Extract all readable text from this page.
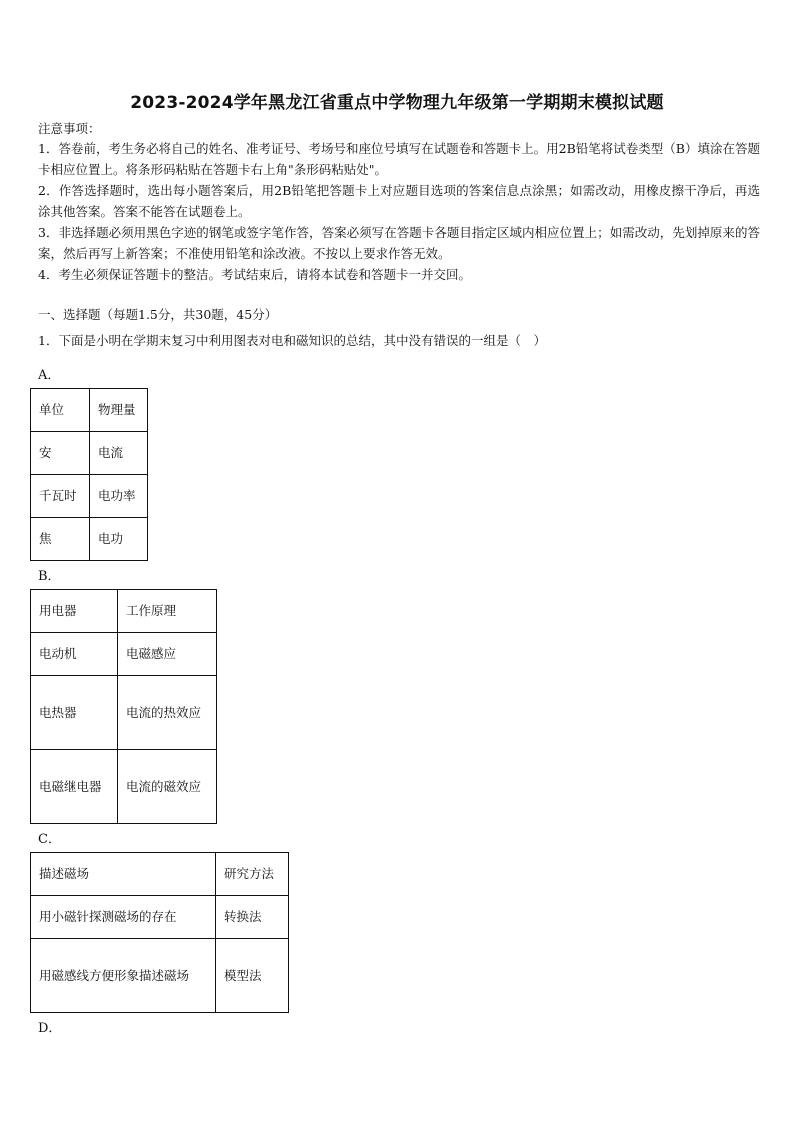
2023-2024学年黑龙江省重点中学物理九年级第一学期期末模拟试题
注意事项：

1．答卷前，考生务必将自己的姓名、准考证号、考场号和座位号填写在试题卷和答题卡上。用2B铅笔将试卷类型（B）填涂在答题卡相应位置上。将条形码粘贴在答题卡右上角"条形码粘贴处"。

2．作答选择题时，选出每小题答案后，用2B铅笔把答题卡上对应题目选项的答案信息点涂黑；如需改动，用橡皮擦干净后，再选涂其他答案。答案不能答在试题卷上。

3．非选择题必须用黑色字迹的钢笔或签字笔作答，答案必须写在答题卡各题目指定区域内相应位置上；如需改动，先划掉原来的答案，然后再写上新答案；不准使用铅笔和涂改液。不按以上要求作答无效。

4．考生必须保证答题卡的整洁。考试结束后，请将本试卷和答题卡一并交回。

一、选择题（每题1.5分，共30题，45分）
1．下面是小明在学期末复习中利用图表对电和磁知识的总结，其中没有错误的一组是（　）
A．
单位	物理量
安	电流
千瓦时	电功率
焦	电功
B．
用电器	工作原理
电动机	电磁感应
电热器	电流的热效应
电磁继电器	电流的磁效应
C．
描述磁场	研究方法
用小磁针探测磁场的存在	转换法
用磁感线方便形象描述磁场	模型法
D．
